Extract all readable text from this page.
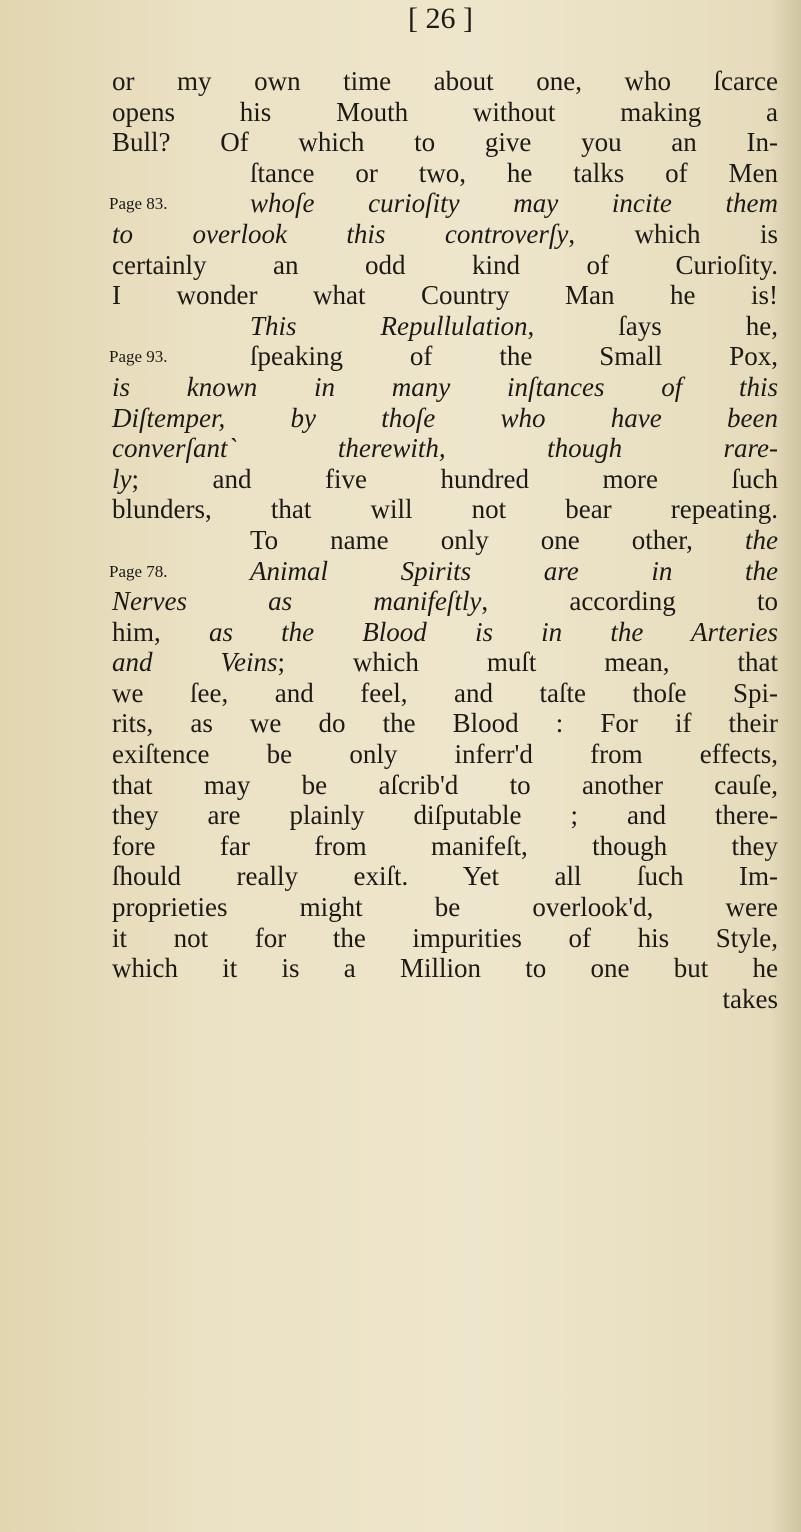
[ 26 ]
or my own time about one, who ſcarce
opens his Mouth without making a
Bull? Of which to give you an In-
ſtance or two, he talks of Men
Page 83.	whoſe curioſity may incite them
to overlook this controverſy, which is
certainly an odd kind of Curioſity.
I wonder what Country Man he is!
This Repullulation, ſays he,
Page 93.	ſpeaking of the Small Pox,
is known in many inſtances of this
Diſtemper, by thoſe who have been
converſant` therewith, though rare-
ly; and five hundred more ſuch
blunders, that will not bear repeating.
To name only one other, the
Page 78.	Animal Spirits are in the
Nerves as manifeſtly, according to
him, as the Blood is in the Arteries
and Veins; which muſt mean, that
we ſee, and feel, and taſte thoſe Spi-
rits, as we do the Blood : For if their
exiſtence be only inferr'd from effects,
that may be aſcrib'd to another cauſe,
they are plainly diſputable ; and there-
fore far from manifeſt, though they
ſhould really exiſt. Yet all ſuch Im-
proprieties might be overlook'd, were
it not for the impurities of his Style,
which it is a Million to one but he
takes
